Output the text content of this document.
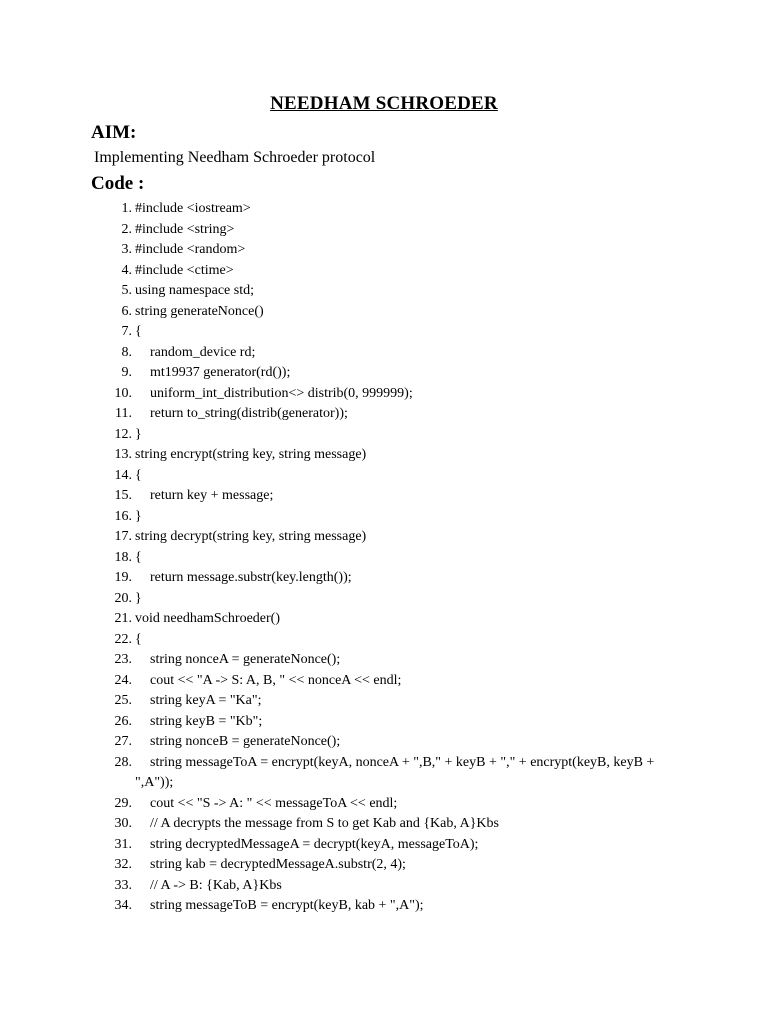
NEEDHAM SCHROEDER
AIM:
Implementing Needham Schroeder protocol
Code :
1. #include <iostream>
2. #include <string>
3. #include <random>
4. #include <ctime>
5. using namespace std;
6. string generateNonce()
7. {
8.	random_device rd;
9.	mt19937 generator(rd());
10.	uniform_int_distribution<> distrib(0, 999999);
11.	return to_string(distrib(generator));
12. }
13. string encrypt(string key, string message)
14. {
15.	return key + message;
16. }
17. string decrypt(string key, string message)
18. {
19.	return message.substr(key.length());
20. }
21. void needhamSchroeder()
22. {
23.	string nonceA = generateNonce();
24.	cout << "A -> S: A, B, " << nonceA << endl;
25.	string keyA = "Ka";
26.	string keyB = "Kb";
27.	string nonceB = generateNonce();
28.	string messageToA = encrypt(keyA, nonceA + ",B," + keyB + "," + encrypt(keyB, keyB + ",A"));
29.	cout << "S -> A: " << messageToA << endl;
30.	// A decrypts the message from S to get Kab and {Kab, A}Kbs
31.	string decryptedMessageA = decrypt(keyA, messageToA);
32.	string kab = decryptedMessageA.substr(2, 4);
33.	// A -> B: {Kab, A}Kbs
34.	string messageToB = encrypt(keyB, kab + ",A");
